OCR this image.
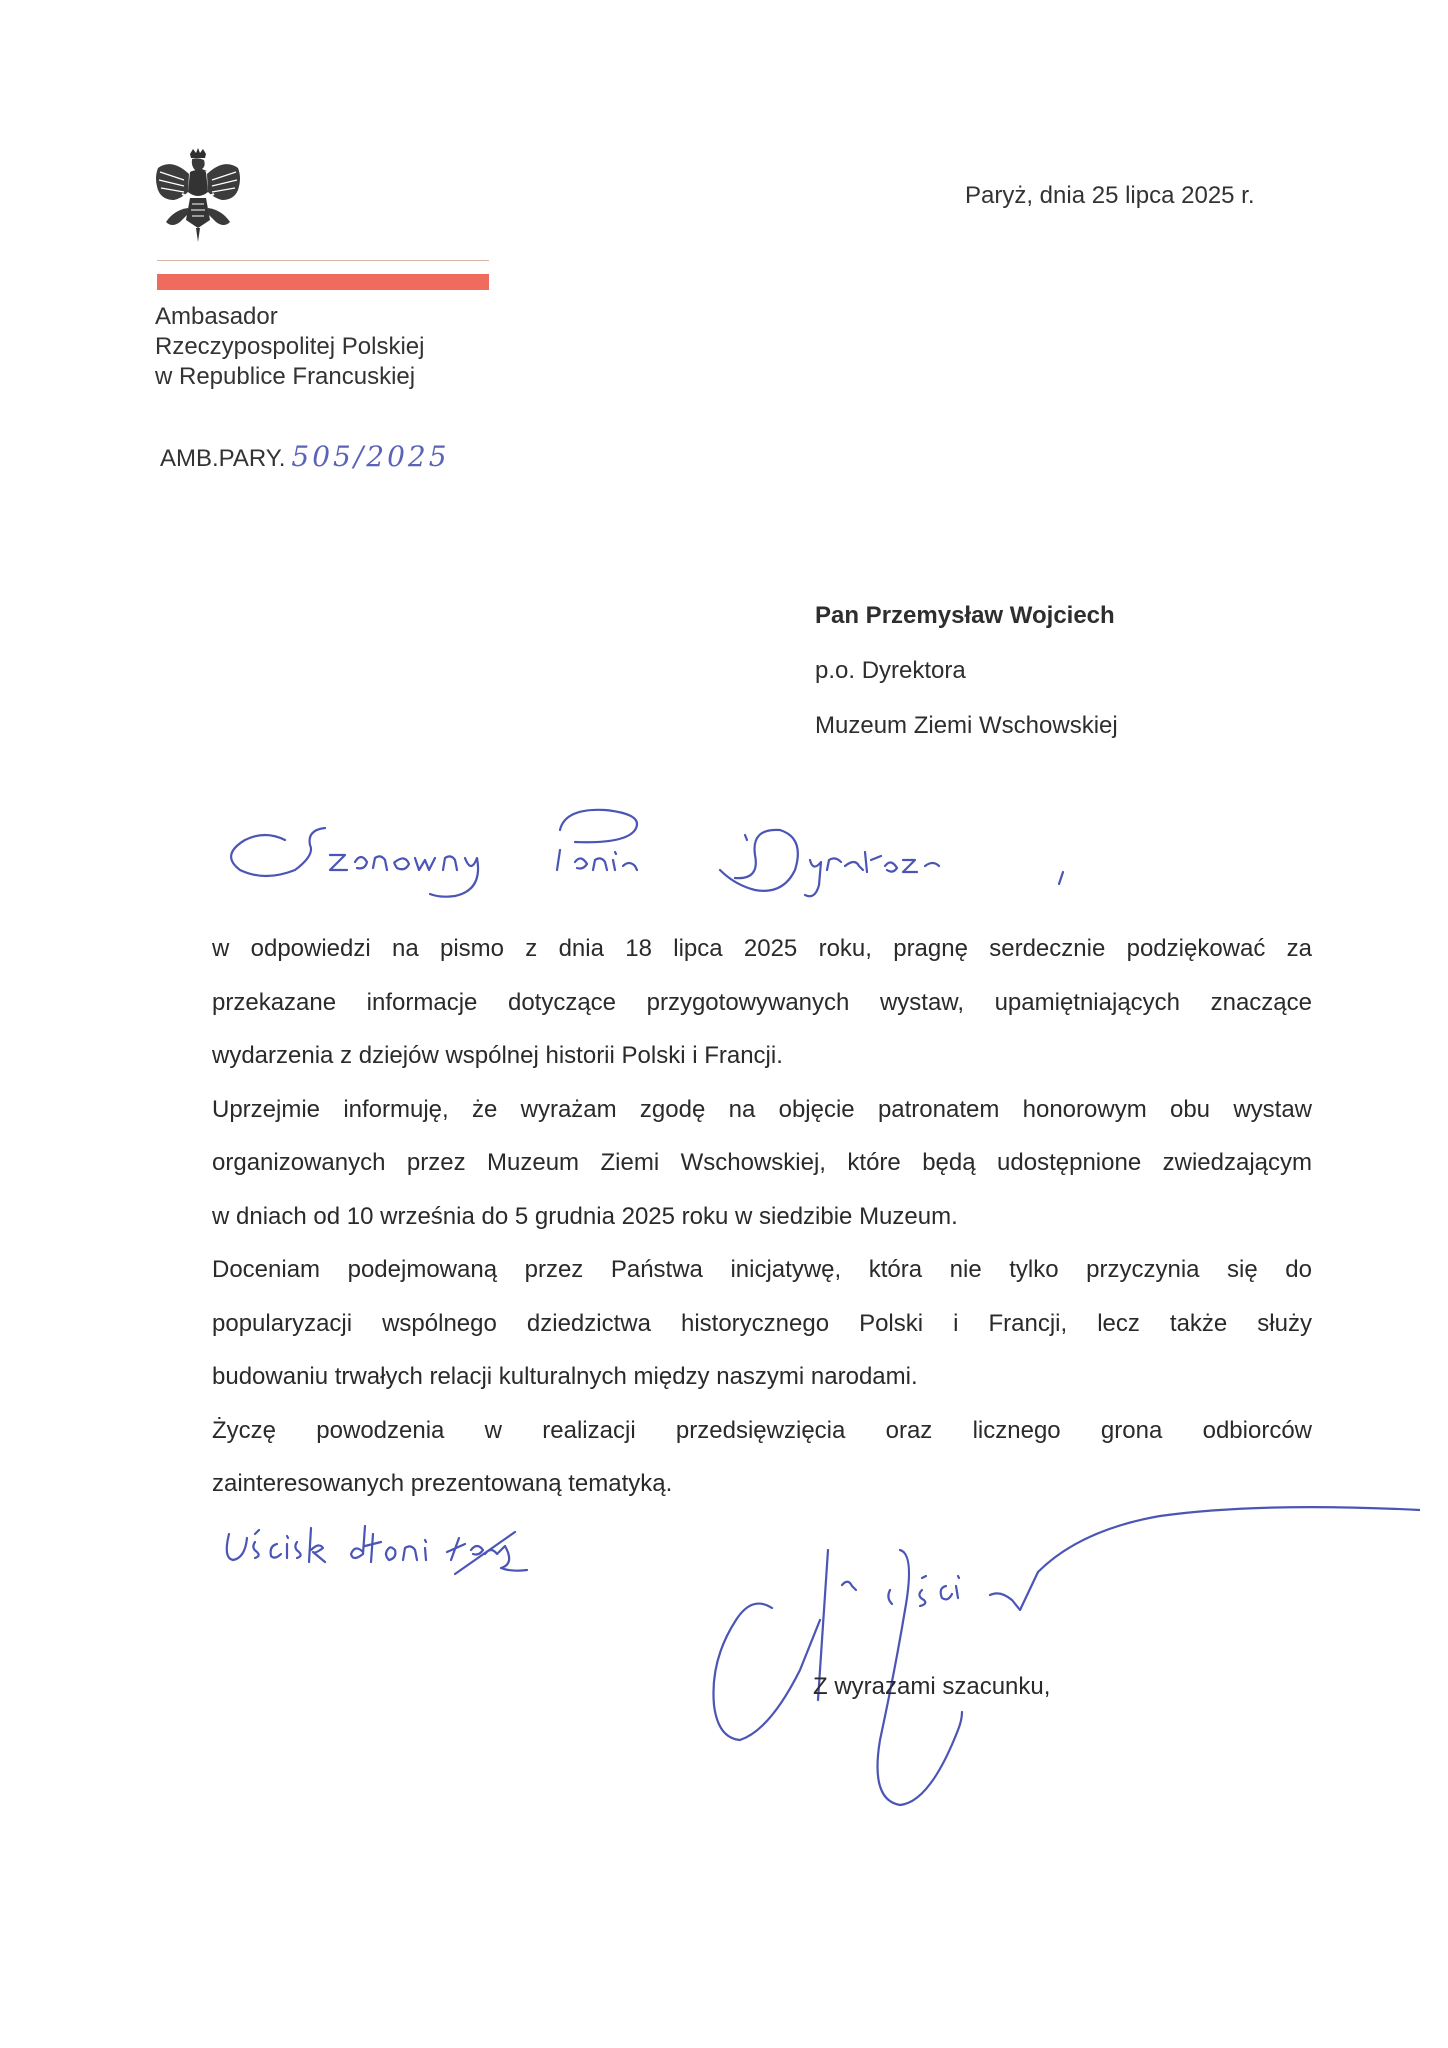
Ambasador
Rzeczypospolitej Polskiej
w Republice Francuskiej
Paryż, dnia 25 lipca 2025 r.
AMB.PARY. 505/2025
Pan Przemysław Wojciech
p.o. Dyrektora
Muzeum Ziemi Wschowskiej
w odpowiedzi na pismo z dnia 18 lipca 2025 roku, pragnę serdecznie podziękować za
przekazane informacje dotyczące przygotowywanych wystaw, upamiętniających znaczące
wydarzenia z dziejów wspólnej historii Polski i Francji.
Uprzejmie informuję, że wyrażam zgodę na objęcie patronatem honorowym obu wystaw
organizowanych przez Muzeum Ziemi Wschowskiej, które będą udostępnione zwiedzającym
w dniach od 10 września do 5 grudnia 2025 roku w siedzibie Muzeum.
Doceniam podejmowaną przez Państwa inicjatywę, która nie tylko przyczynia się do
popularyzacji wspólnego dziedzictwa historycznego Polski i Francji, lecz także służy
budowaniu trwałych relacji kulturalnych między naszymi narodami.
Życzę powodzenia w realizacji przedsięwzięcia oraz licznego grona odbiorców
zainteresowanych prezentowaną tematyką.
Z wyrazami szacunku,
